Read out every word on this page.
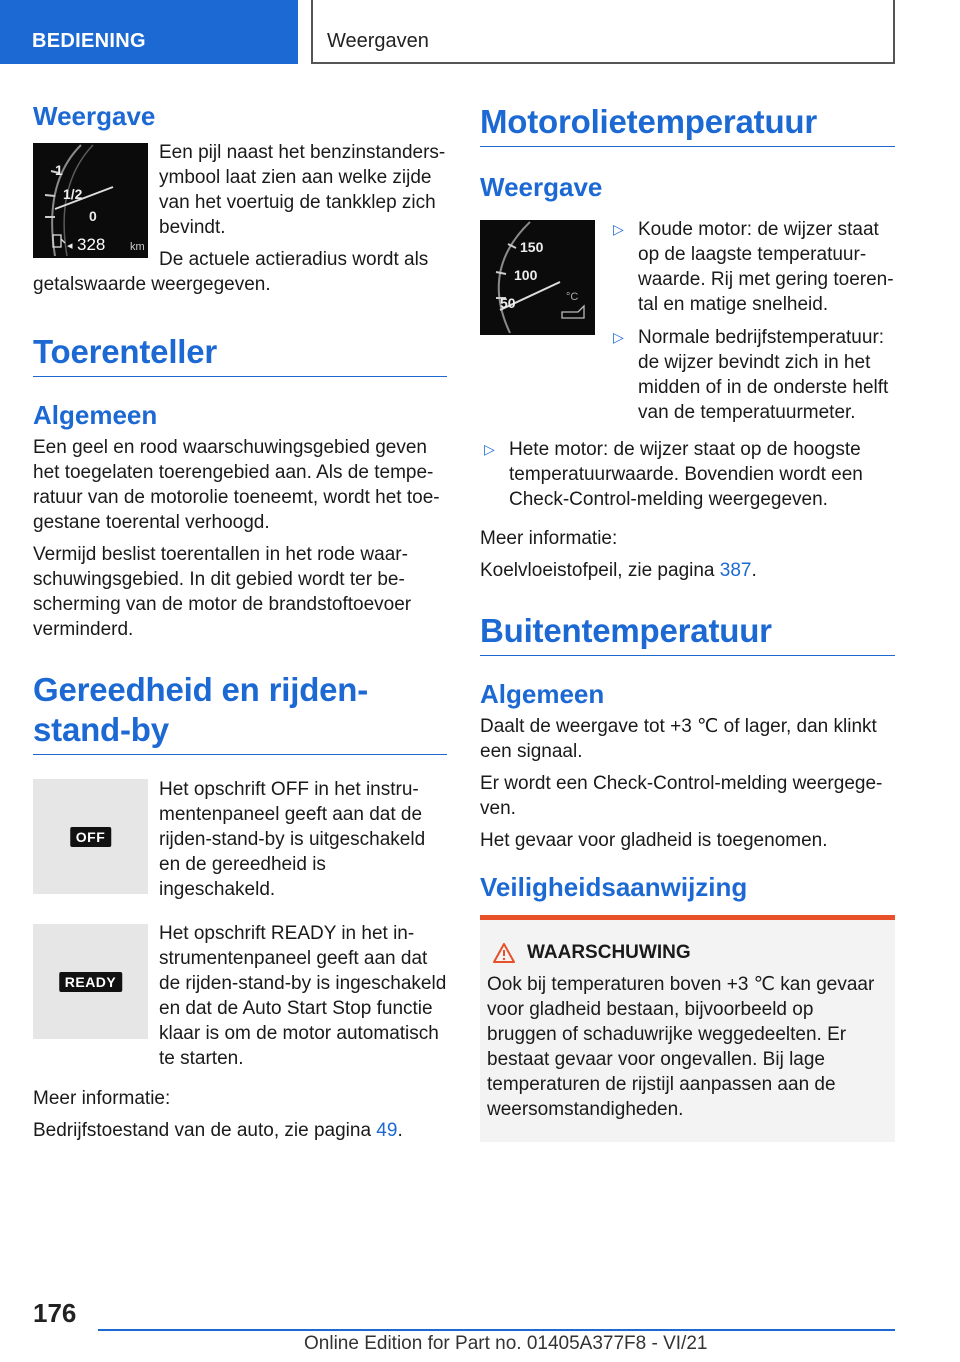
BEDIENING	Weergaven
Weergave
1
1/2
0
◂ 328 km

Een pijl naast het benzinstandersymbool laat zien aan welke zijde van het voertuig de tankklep zich bevindt.

De actuele actieradius wordt als getalswaarde weergegeven.

Toerenteller
Algemeen

Een geel en rood waarschuwingsgebied geven het toegelaten toerengebied aan. Als de temperatuur van de motorolie toeneemt, wordt het toegestane toerental verhoogd.

Vermijd beslist toerentallen in het rode waarschuwingsgebied. In dit gebied wordt ter bescherming van de motor de brandstoftoevoer verminderd.

Gereedheid en rijdenstand-by
OFF

Het opschrift OFF in het instrumentenpaneel geeft aan dat de rijden-stand-by is uitgeschakeld en de gereedheid is ingeschakeld.

READY

Het opschrift READY in het instrumentenpaneel geeft aan dat de rijden-stand-by is ingeschakeld en dat de Auto Start Stop functie klaar is om de motor automatisch te starten.

Meer informatie:

Bedrijfstoestand van de auto, zie pagina 49.

Motorolietemperatuur
Weergave
150
100
50	°C
▷ Koude motor: de wijzer staat op de laagste temperatuurwaarde. Rij met gering toerental en matige snelheid.
▷ Normale bedrijfstemperatuur: de wijzer bevindt zich in het midden of in de onderste helft van de temperatuurmeter.
▷ Hete motor: de wijzer staat op de hoogste temperatuurwaarde. Bovendien wordt een Check-Control-melding weergegeven.

Meer informatie:

Koelvloeistofpeil, zie pagina 387.

Buitentemperatuur
Algemeen

Daalt de weergave tot +3 ℃ of lager, dan klinkt een signaal.

Er wordt een Check-Control-melding weergegeven.

Het gevaar voor gladheid is toegenomen.

Veiligheidsaanwijzing
WAARSCHUWING

Ook bij temperaturen boven +3 ℃ kan gevaar voor gladheid bestaan, bijvoorbeeld op bruggen of schaduwrijke weggedeelten. Er bestaat gevaar voor ongevallen. Bij lage temperaturen de rijstijl aanpassen aan de weersomstandigheden.

176
Online Edition for Part no. 01405A377F8 - VI/21
